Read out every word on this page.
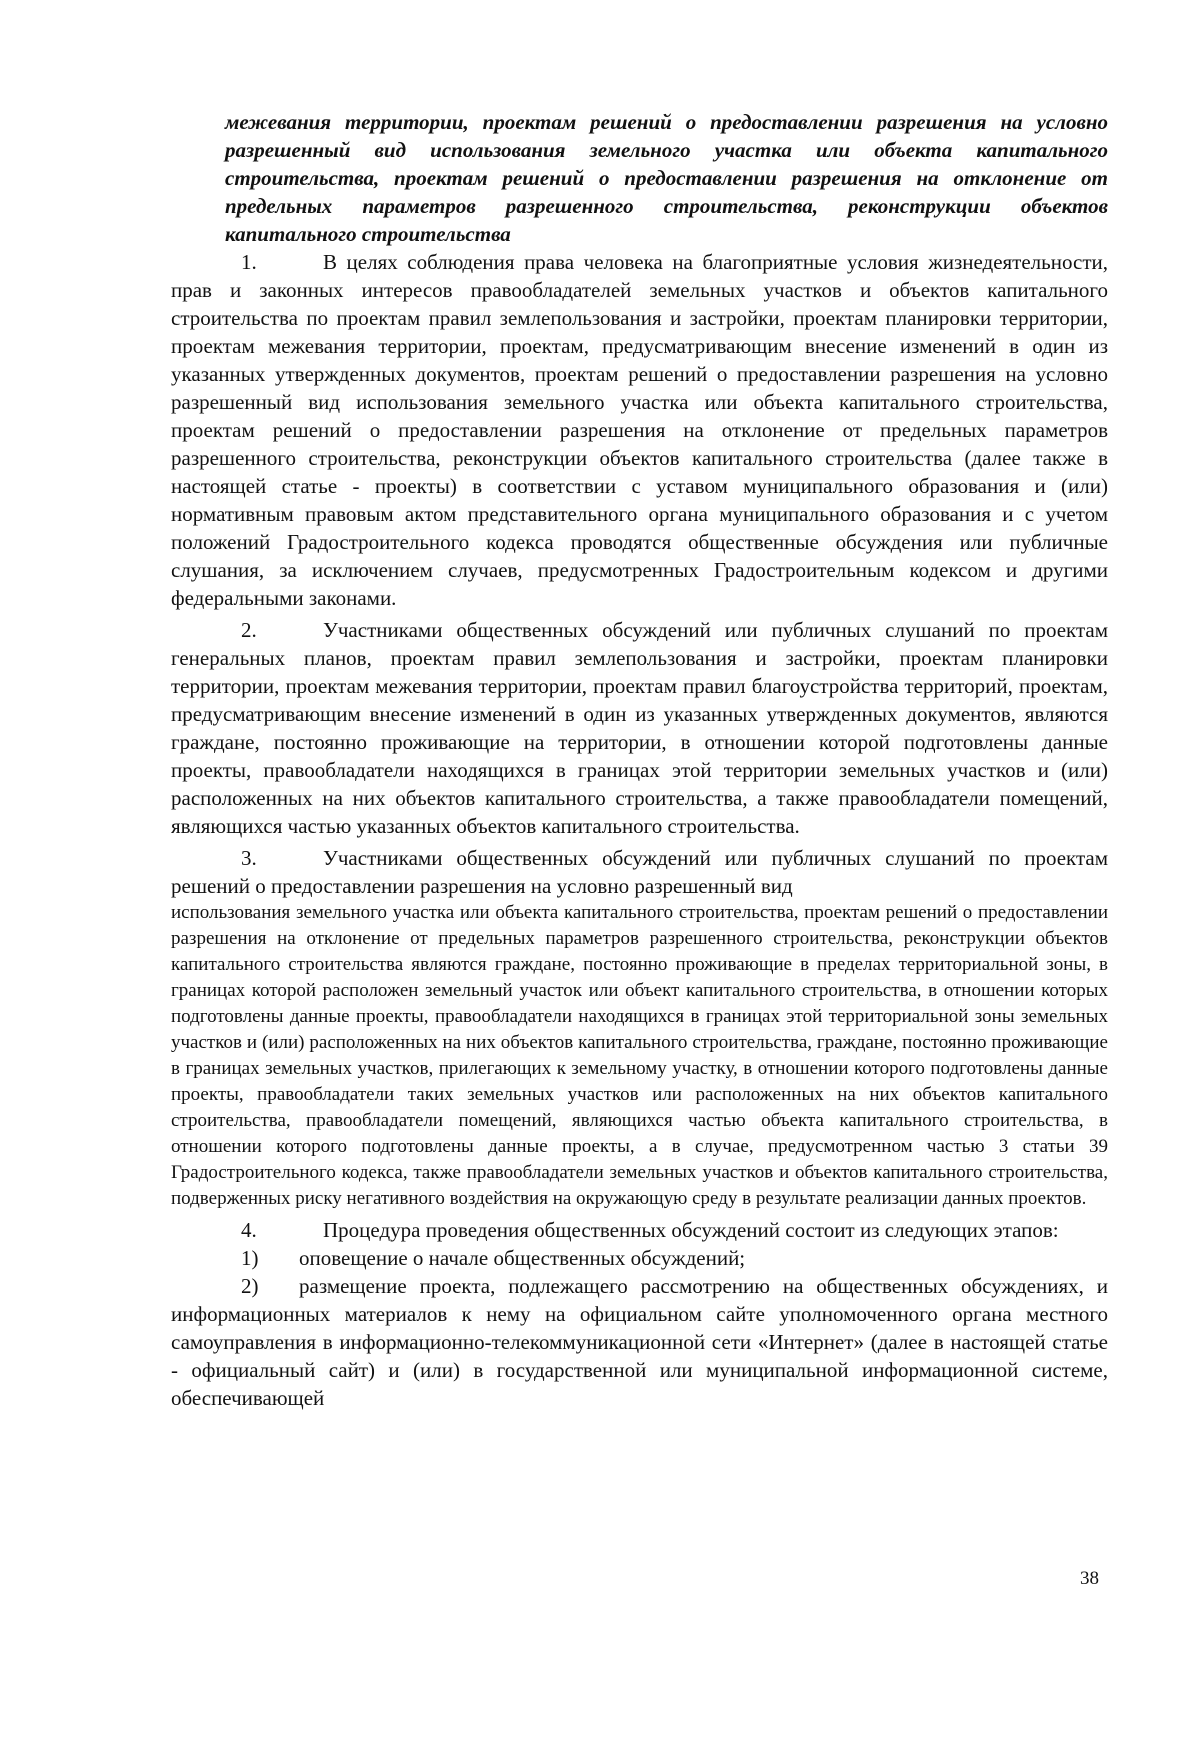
межевания территории, проектам решений о предоставлении разрешения на условно разрешенный вид использования земельного участка или объекта капитального строительства, проектам решений о предоставлении разрешения на отклонение от предельных параметров разрешенного строительства, реконструкции объектов капитального строительства

1.	В целях соблюдения права человека на благоприятные условия жизнедеятельности, прав и законных интересов правообладателей земельных участков и объектов капитального строительства по проектам правил землепользования и застройки, проектам планировки территории, проектам межевания территории, проектам, предусматривающим внесение изменений в один из указанных утвержденных документов, проектам решений о предоставлении разрешения на условно разрешенный вид использования земельного участка или объекта капитального строительства, проектам решений о предоставлении разрешения на отклонение от предельных параметров разрешенного строительства, реконструкции объектов капитального строительства (далее также в настоящей статье - проекты) в соответствии с уставом муниципального образования и (или) нормативным правовым актом представительного органа муниципального образования и с учетом положений Градостроительного кодекса проводятся общественные обсуждения или публичные слушания, за исключением случаев, предусмотренных Градостроительным кодексом и другими федеральными законами.

2.	Участниками общественных обсуждений или публичных слушаний по проектам генеральных планов, проектам правил землепользования и застройки, проектам планировки территории, проектам межевания территории, проектам правил благоустройства территорий, проектам, предусматривающим внесение изменений в один из указанных утвержденных документов, являются граждане, постоянно проживающие на территории, в отношении которой подготовлены данные проекты, правообладатели находящихся в границах этой территории земельных участков и (или) расположенных на них объектов капитального строительства, а также правообладатели помещений, являющихся частью указанных объектов капитального строительства.

3.	Участниками общественных обсуждений или публичных слушаний по проектам решений о предоставлении разрешения на условно разрешенный вид

использования земельного участка или объекта капитального строительства, проектам решений о предоставлении разрешения на отклонение от предельных параметров разрешенного строительства, реконструкции объектов капитального строительства являются граждане, постоянно проживающие в пределах территориальной зоны, в границах которой расположен земельный участок или объект капитального строительства, в отношении которых подготовлены данные проекты, правообладатели находящихся в границах этой территориальной зоны земельных участков и (или) расположенных на них объектов капитального строительства, граждане, постоянно проживающие в границах земельных участков, прилегающих к земельному участку, в отношении которого подготовлены данные проекты, правообладатели таких земельных участков или расположенных на них объектов капитального строительства, правообладатели помещений, являющихся частью объекта капитального строительства, в отношении которого подготовлены данные проекты, а в случае, предусмотренном частью 3 статьи 39 Градостроительного кодекса, также правообладатели земельных участков и объектов капитального строительства, подверженных риску негативного воздействия на окружающую среду в результате реализации данных проектов.

4.	Процедура проведения общественных обсуждений состоит из следующих этапов:

1) оповещение о начале общественных обсуждений;

2) размещение проекта, подлежащего рассмотрению на общественных обсуждениях, и информационных материалов к нему на официальном сайте уполномоченного органа местного самоуправления в информационно-телекоммуникационной сети «Интернет» (далее в настоящей статье - официальный сайт) и (или) в государственной или муниципальной информационной системе, обеспечивающей

38
